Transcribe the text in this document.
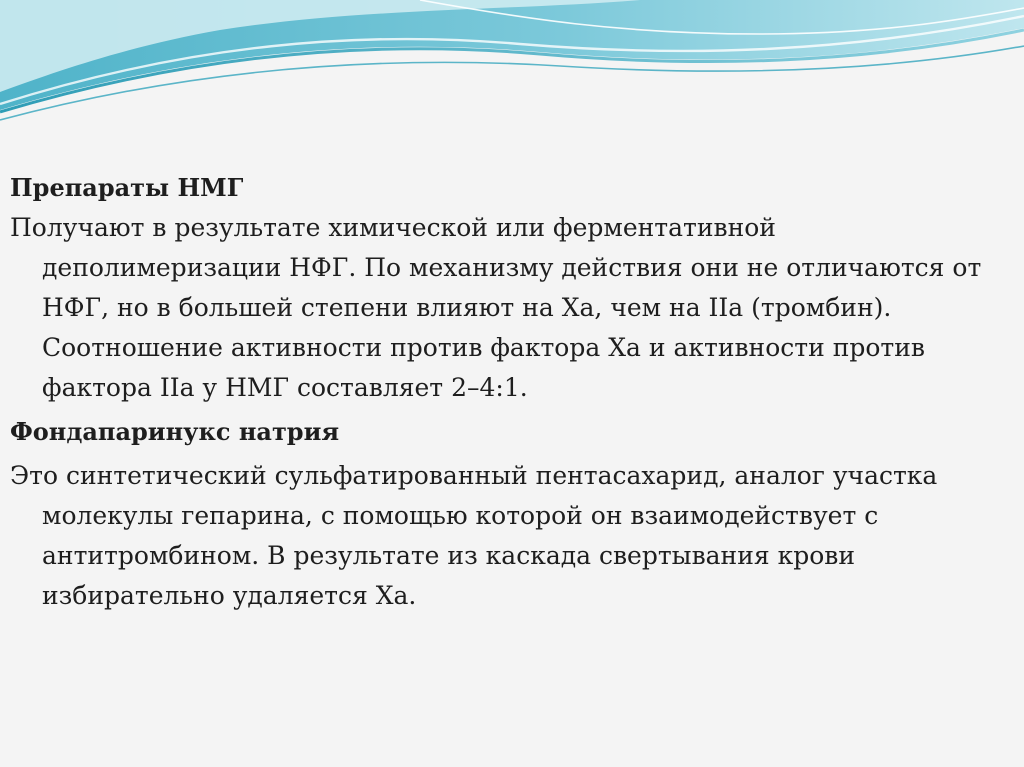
Препараты НМГ

Получают в результате химической или ферментативной деполимеризации НФГ. По механизму действия они не отличаются от НФГ, но в большей степени влияют на Ха, чем на IIа (тромбин). Соотношение активности против фактора Ха и активности против фактора IIа у НМГ составляет 2–4:1.

Фондапаринукс натрия

Это синтетический сульфатированный пентасахарид, аналог участка молекулы гепарина, с помощью которой он взаимодействует с антитромбином. В результате из каскада свертывания крови избирательно удаляется Ха.
